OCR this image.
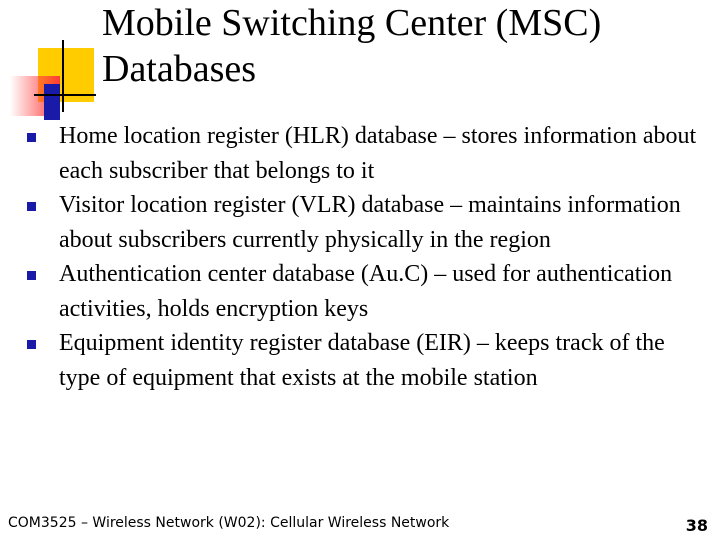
Mobile Switching Center (MSC)
Databases
Home location register (HLR) database – stores information about each subscriber that belongs to it
Visitor location register (VLR) database – maintains information about subscribers currently physically in the region
Authentication center database (Au.C) – used for authentication activities, holds encryption keys
Equipment identity register database (EIR) – keeps track of the type of equipment that exists at the mobile station
COM3525 – Wireless Network (W02): Cellular Wireless Network	38
